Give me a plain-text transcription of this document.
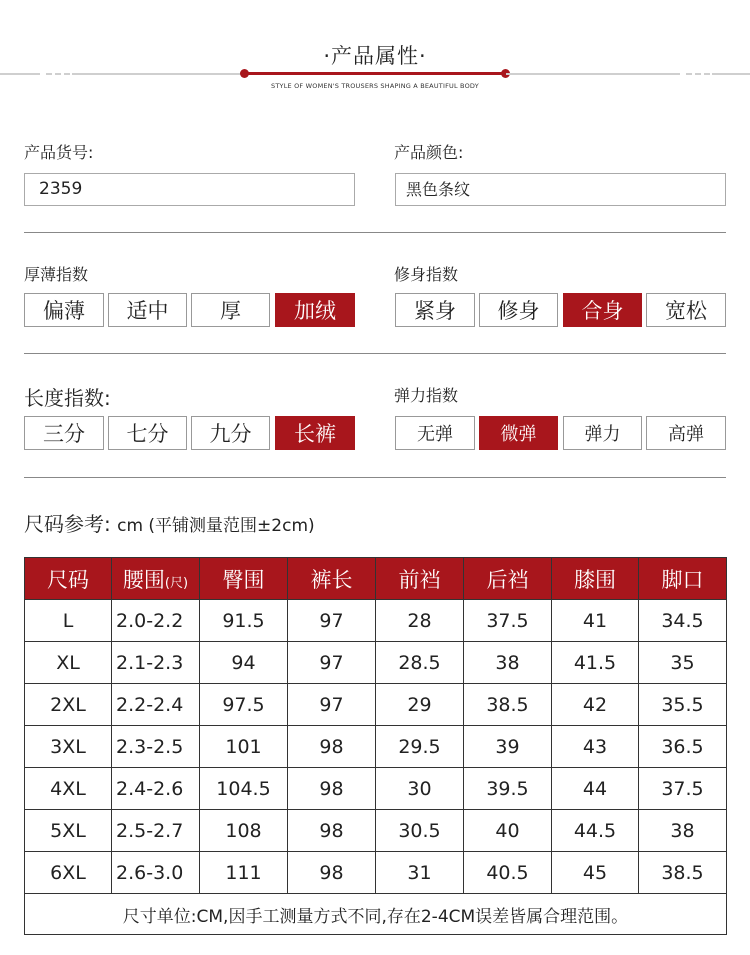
·产品属性·
STYLE OF WOMEN'S TROUSERS SHAPING A BEAUTIFUL BODY
产品货号:
2359
产品颜色:
黑色条纹
厚薄指数
偏薄	适中	厚	加绒
修身指数
紧身	修身	合身	宽松
长度指数:
三分	七分	九分	长裤
弹力指数
无弹	微弹	弹力	高弹
尺码参考: cm (平铺测量范围±2cm)
尺码	腰围(尺)	臀围	裤长	前裆	后裆	膝围	脚口
L	2.0-2.2	91.5	97	28	37.5	41	34.5
XL	2.1-2.3	94	97	28.5	38	41.5	35
2XL	2.2-2.4	97.5	97	29	38.5	42	35.5
3XL	2.3-2.5	101	98	29.5	39	43	36.5
4XL	2.4-2.6	104.5	98	30	39.5	44	37.5
5XL	2.5-2.7	108	98	30.5	40	44.5	38
6XL	2.6-3.0	111	98	31	40.5	45	38.5
尺寸单位:CM,因手工测量方式不同,存在2-4CM误差皆属合理范围。							
